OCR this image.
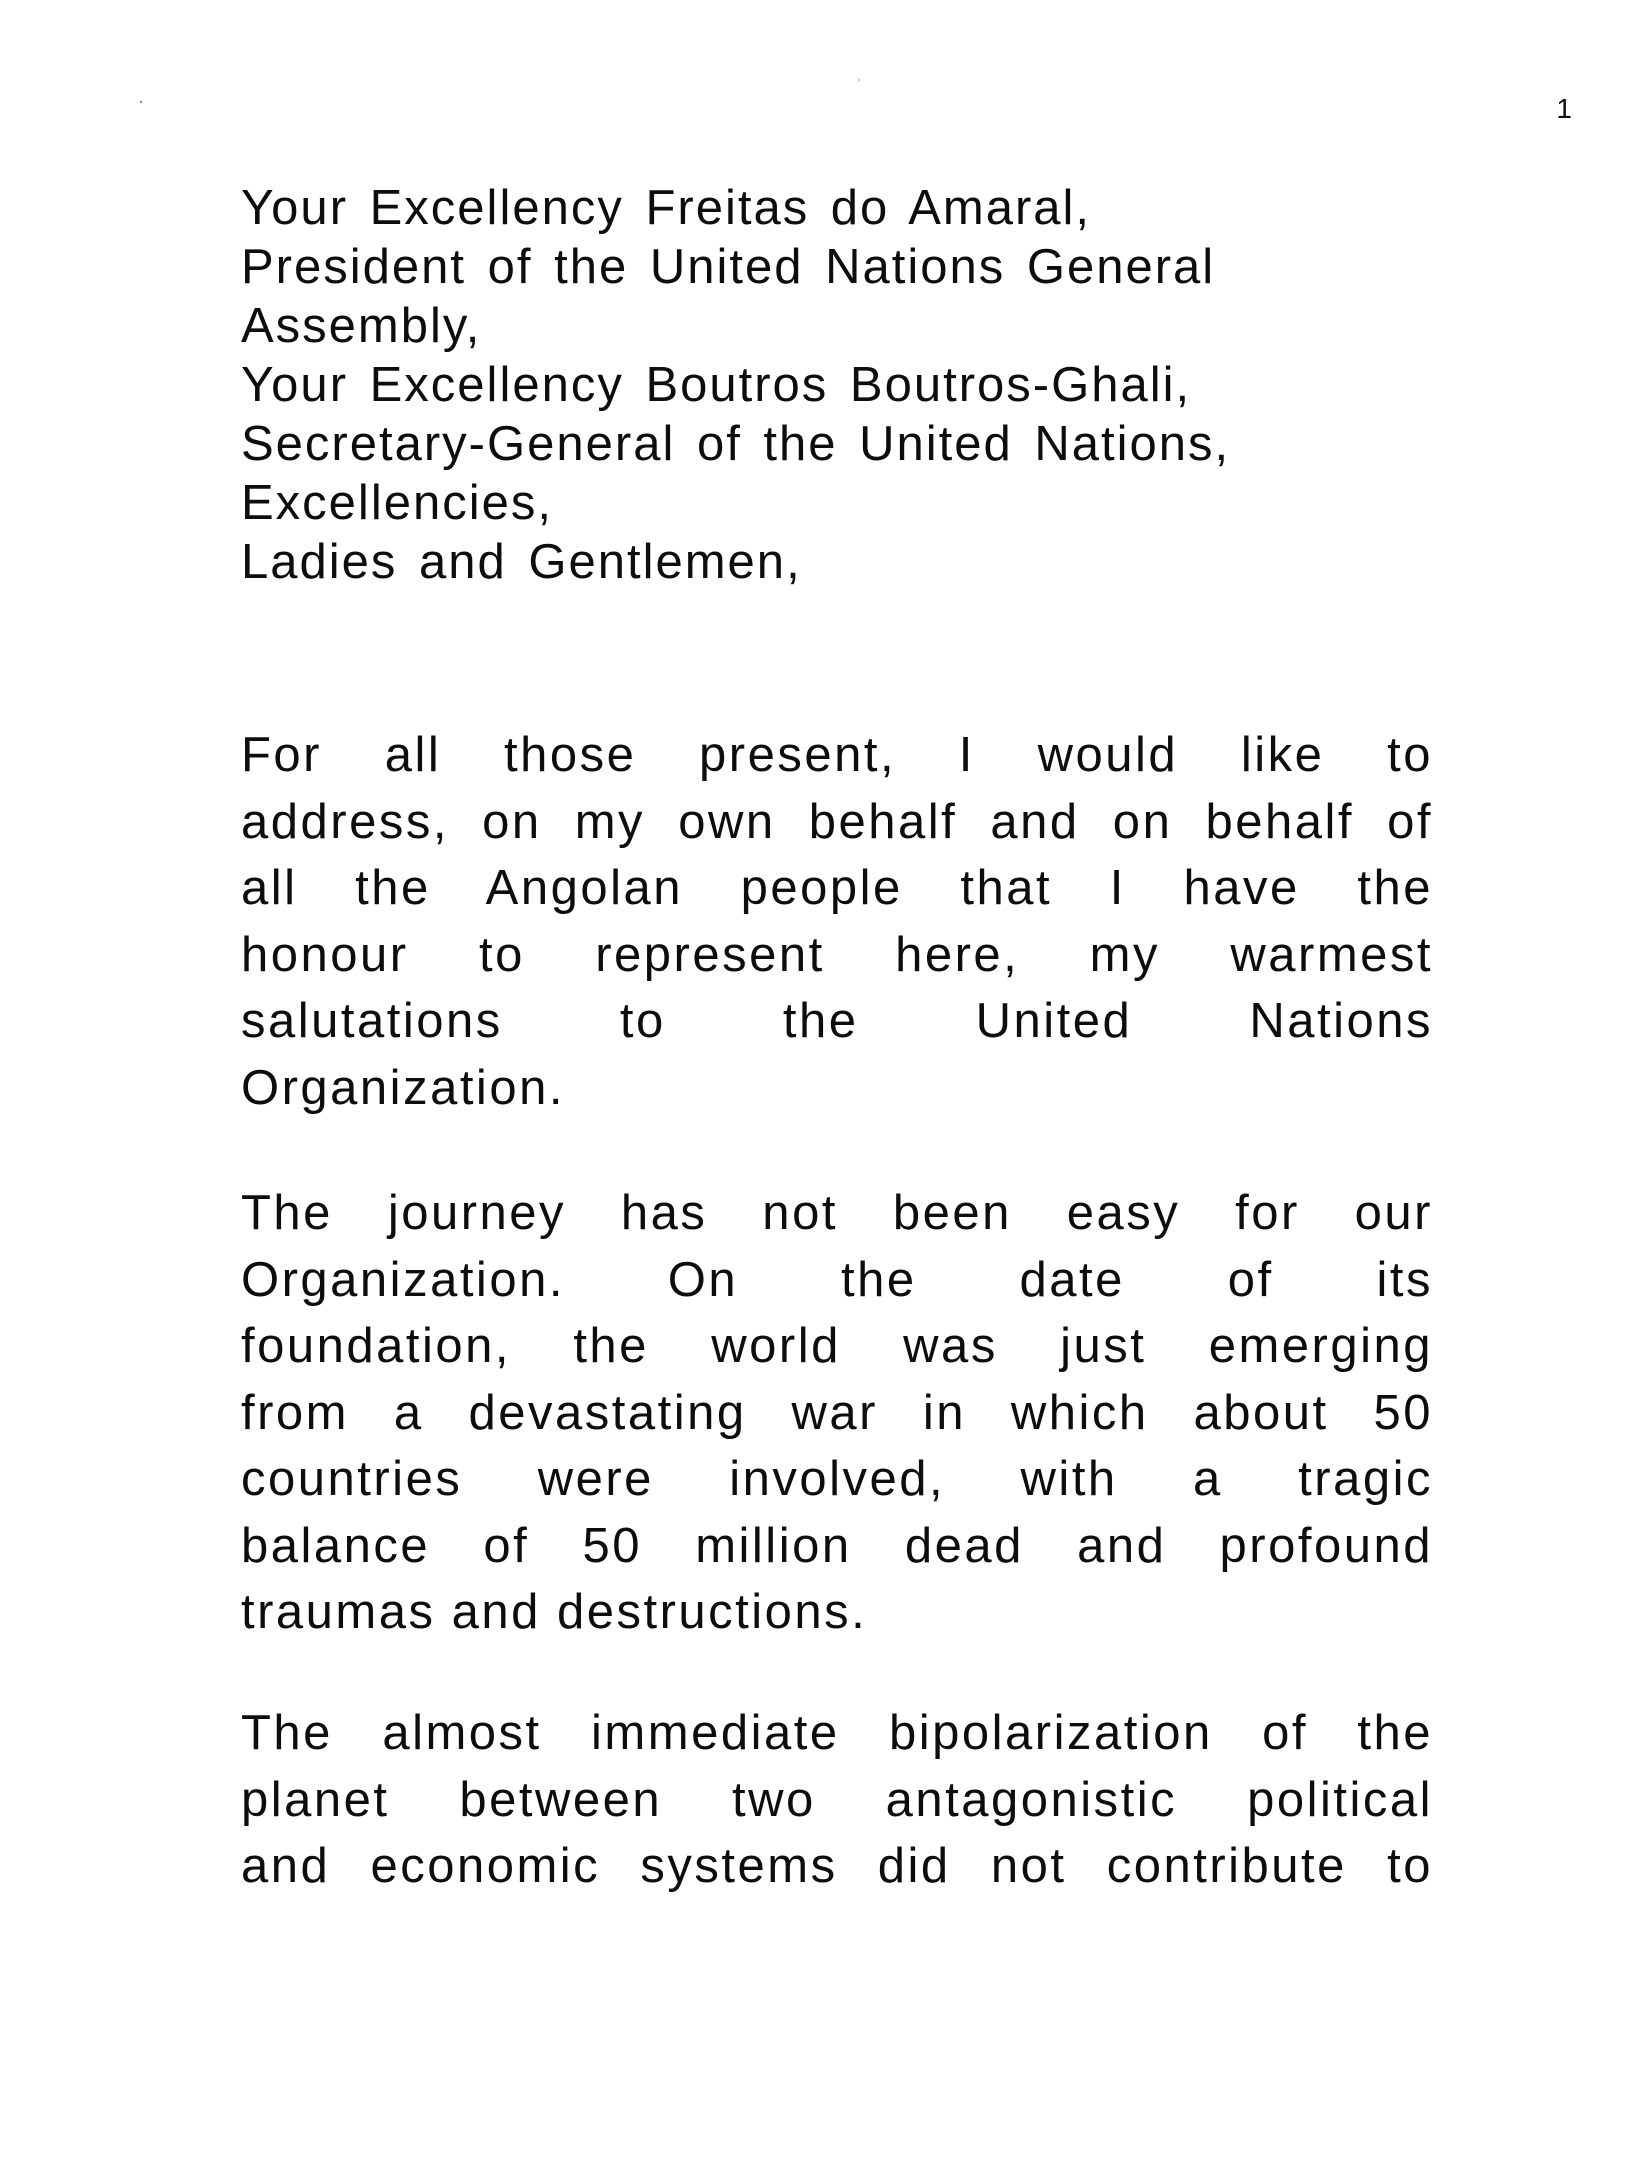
1
Your Excellency Freitas do Amaral,
President of the United Nations General
Assembly,
Your Excellency Boutros Boutros-Ghali,
Secretary-General of the United Nations,
Excellencies,
Ladies and Gentlemen,

For all those present, I would like to
address, on my own behalf and on behalf of
all the Angolan people that I have the
honour to represent here, my warmest
salutations to the United Nations
Organization.

The journey has not been easy for our
Organization. On the date of its
foundation, the world was just emerging
from a devastating war in which about 50
countries were involved, with a tragic
balance of 50 million dead and profound
traumas and destructions.

The almost immediate bipolarization of the
planet between two antagonistic political
and economic systems did not contribute to
